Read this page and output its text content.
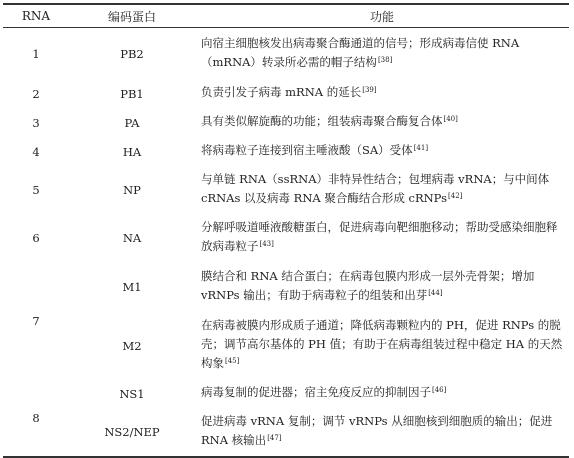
RNA	编码蛋白	功能
1	PB2	向宿主细胞核发出病毒聚合酶通道的信号；形成病毒信使 RNA（mRNA）转录所必需的帽子结构[38]
2	PB1	负责引发子病毒 mRNA 的延长[39]
3	PA	具有类似解旋酶的功能；组装病毒聚合酶复合体[40]
4	HA	将病毒粒子连接到宿主唾液酸（SA）受体[41]
5	NP	与单链 RNA（ssRNA）非特异性结合；包埋病毒 vRNA；与中间体 cRNAs 以及病毒 RNA 聚合酶结合形成 cRNPs[42]
6	NA	分解呼吸道唾液酸糖蛋白，促进病毒向靶细胞移动；帮助受感染细胞释放病毒粒子[43]
7	M1	膜结合和 RNA 结合蛋白；在病毒包膜内形成一层外壳骨架；增加 vRNPs 输出；有助于病毒粒子的组装和出芽[44]
	M2	在病毒被膜内形成质子通道；降低病毒颗粒内的 PH，促进 RNPs 的脱壳；调节高尔基体的 PH 值；有助于在病毒组装过程中稳定 HA 的天然构象[45]
8	NS1	病毒复制的促进器；宿主免疫反应的抑制因子[46]
	NS2/NEP	促进病毒 vRNA 复制；调节 vRNPs 从细胞核到细胞质的输出；促进 RNA 核输出[47]
